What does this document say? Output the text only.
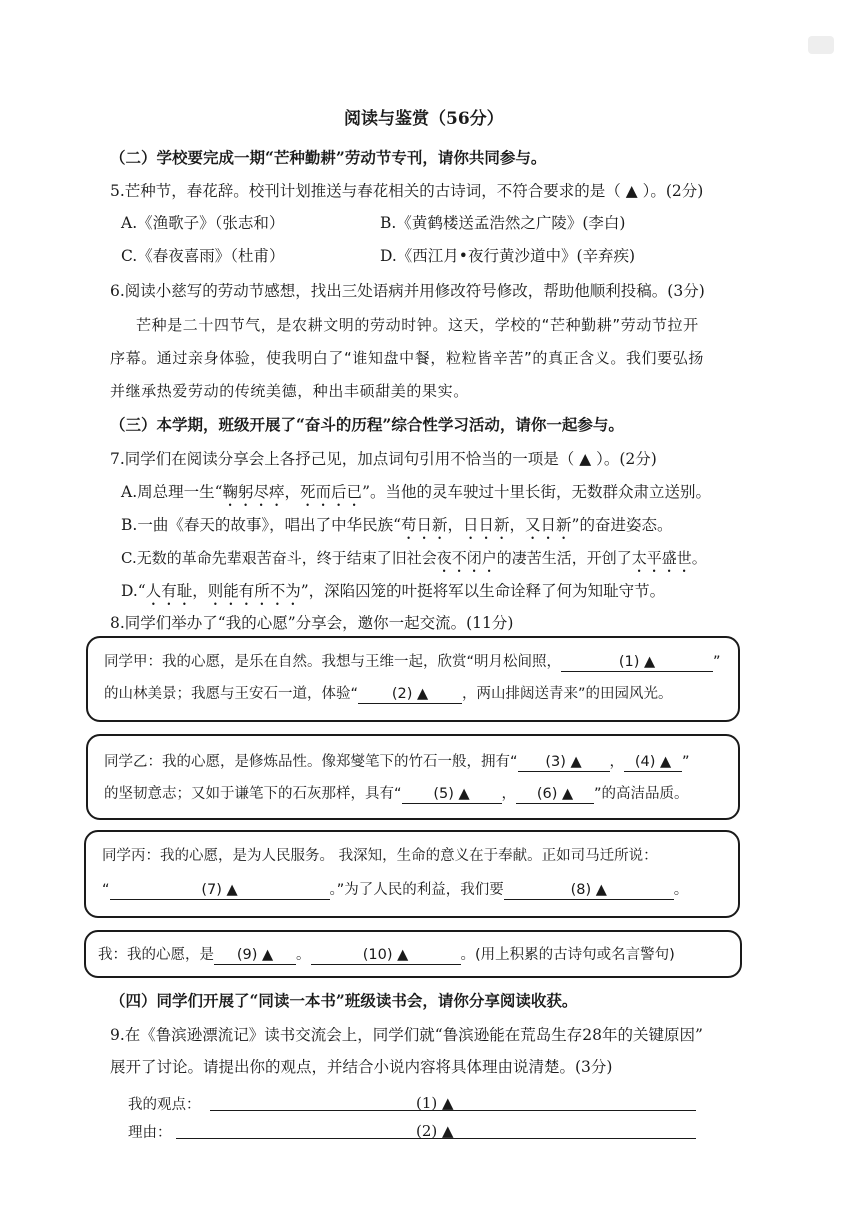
阅读与鉴赏（56分）
（二）学校要完成一期“芒种勤耕”劳动节专刊，请你共同参与。
5.芒种节，春花辞。校刊计划推送与春花相关的古诗词，不符合要求的是（ ▲ ）。(2分)
A.《渔歌子》（张志和）	B.《黄鹤楼送孟浩然之广陵》(李白)
C.《春夜喜雨》（杜甫）	D.《西江月•夜行黄沙道中》(辛弃疾)
6.阅读小慈写的劳动节感想，找出三处语病并用修改符号修改，帮助他顺利投稿。(3分)
芒种是二十四节气，是农耕文明的劳动时钟。这天，学校的“芒种勤耕”劳动节拉开
序幕。通过亲身体验，使我明白了“谁知盘中餐，粒粒皆辛苦”的真正含义。我们要弘扬
并继承热爱劳动的传统美德，种出丰硕甜美的果实。
（三）本学期，班级开展了“奋斗的历程”综合性学习活动，请你一起参与。
7.同学们在阅读分享会上各抒己见，加点词句引用不恰当的一项是（ ▲ ）。(2分)
A.周总理一生“鞠躬尽瘁，死而后已”。当他的灵车驶过十里长街，无数群众肃立送别。
B.一曲《春天的故事》，唱出了中华民族“苟日新，日日新，又日新”的奋进姿态。
C.无数的革命先辈艰苦奋斗，终于结束了旧社会夜不闭户的凄苦生活，开创了太平盛世。
D.“人有耻，则能有所不为”，深陷囚笼的叶挺将军以生命诠释了何为知耻守节。
8.同学们举办了“我的心愿”分享会，邀你一起交流。(11分)
同学甲：我的心愿，是乐在自然。我想与王维一起，欣赏“明月松间照，	(1) ▲	”
的山林美景；我愿与王安石一道，体验“ (2) ▲ ，两山排闼送青来”的田园风光。
同学乙：我的心愿，是修炼品性。像郑燮笔下的竹石一般，拥有“ (3) ▲ ， (4) ▲ ”
的坚韧意志；又如于谦笔下的石灰那样，具有“ (5) ▲ ， (6) ▲ ”的高洁品质。
同学丙：我的心愿，是为人民服务。 我深知，生命的意义在于奉献。正如司马迁所说：
“	(7) ▲	。”为了人民的利益，我们要	(8) ▲	。
我：我的心愿，是 (9) ▲ 。	(10) ▲	。(用上积累的古诗句或名言警句)
（四）同学们开展了“同读一本书”班级读书会，请你分享阅读收获。
9.在《鲁滨逊漂流记》读书交流会上，同学们就“鲁滨逊能在荒岛生存28年的关键原因”
展开了讨论。请提出你的观点，并结合小说内容将具体理由说清楚。(3分)
我的观点：	(1) ▲
理由：	(2) ▲
